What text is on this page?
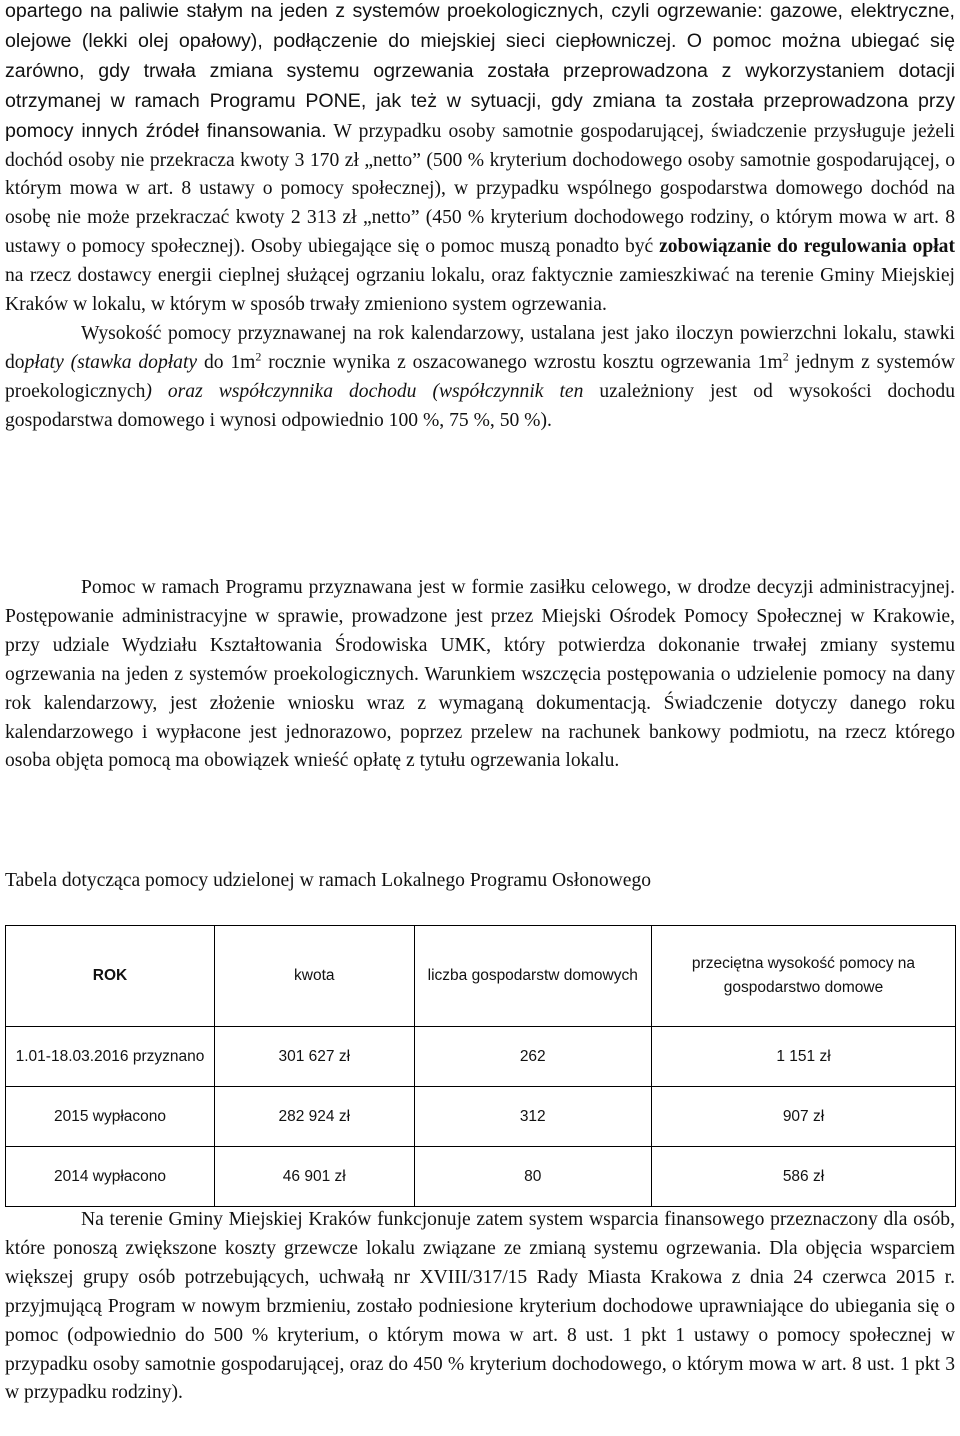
opartego na paliwie stałym na jeden z systemów proekologicznych, czyli ogrzewanie: gazowe, elektryczne, olejowe (lekki olej opałowy), podłączenie do miejskiej sieci ciepłowniczej. O pomoc można ubiegać się zarówno, gdy trwała zmiana systemu ogrzewania została przeprowadzona z wykorzystaniem dotacji otrzymanej w ramach Programu PONE, jak też w sytuacji, gdy zmiana ta została przeprowadzona przy pomocy innych źródeł finansowania. W przypadku osoby samotnie gospodarującej, świadczenie przysługuje jeżeli dochód osoby nie przekracza kwoty 3 170 zł „netto” (500 % kryterium dochodowego osoby samotnie gospodarującej, o którym mowa w art. 8 ustawy o pomocy społecznej), w przypadku wspólnego gospodarstwa domowego dochód na osobę nie może przekraczać kwoty 2 313 zł „netto” (450 % kryterium dochodowego rodziny, o którym mowa w art. 8 ustawy o pomocy społecznej). Osoby ubiegające się o pomoc muszą ponadto być zobowiązanie do regulowania opłat na rzecz dostawcy energii cieplnej służącej ogrzaniu lokalu, oraz faktycznie zamieszkiwać na terenie Gminy Miejskiej Kraków w lokalu, w którym w sposób trwały zmieniono system ogrzewania.

Wysokość pomocy przyznawanej na rok kalendarzowy, ustalana jest jako iloczyn powierzchni lokalu, stawki dopłaty (stawka dopłaty do $1m^2$ rocznie wynika z oszacowanego wzrostu kosztu ogrzewania $1m^2$ jednym z systemów proekologicznych) oraz współczynnika dochodu (współczynnik ten uzależniony jest od wysokości dochodu gospodarstwa domowego i wynosi odpowiednio 100 %, 75 %, 50 %).

Pomoc w ramach Programu przyznawana jest w formie zasiłku celowego, w drodze decyzji administracyjnej. Postępowanie administracyjne w sprawie, prowadzone jest przez Miejski Ośrodek Pomocy Społecznej w Krakowie, przy udziale Wydziału Kształtowania Środowiska UMK, który potwierdza dokonanie trwałej zmiany systemu ogrzewania na jeden z systemów proekologicznych. Warunkiem wszczęcia postępowania o udzielenie pomocy na dany rok kalendarzowy, jest złożenie wniosku wraz z wymaganą dokumentacją. Świadczenie dotyczy danego roku kalendarzowego i wypłacone jest jednorazowo, poprzez przelew na rachunek bankowy podmiotu, na rzecz którego osoba objęta pomocą ma obowiązek wnieść opłatę z tytułu ogrzewania lokalu.

Tabela dotycząca pomocy udzielonej w ramach Lokalnego Programu Osłonowego
ROK	kwota	liczba gospodarstw domowych	przeciętna wysokość pomocy na gospodarstwo domowe
1.01-18.03.2016 przyznano	301 627 zł	262	1 151 zł
2015 wypłacono	282 924 zł	312	907 zł
2014 wypłacono	46 901 zł	80	586 zł

Na terenie Gminy Miejskiej Kraków funkcjonuje zatem system wsparcia finansowego przeznaczony dla osób, które ponoszą zwiększone koszty grzewcze lokalu związane ze zmianą systemu ogrzewania. Dla objęcia wsparciem większej grupy osób potrzebujących, uchwałą nr XVIII/317/15 Rady Miasta Krakowa z dnia 24 czerwca 2015 r. przyjmującą Program w nowym brzmieniu, zostało podniesione kryterium dochodowe uprawniające do ubiegania się o pomoc (odpowiednio do 500 % kryterium, o którym mowa w art. 8 ust. 1 pkt 1 ustawy o pomocy społecznej w przypadku osoby samotnie gospodarującej, oraz do 450 % kryterium dochodowego, o którym mowa w art. 8 ust. 1 pkt 3 w przypadku rodziny).
